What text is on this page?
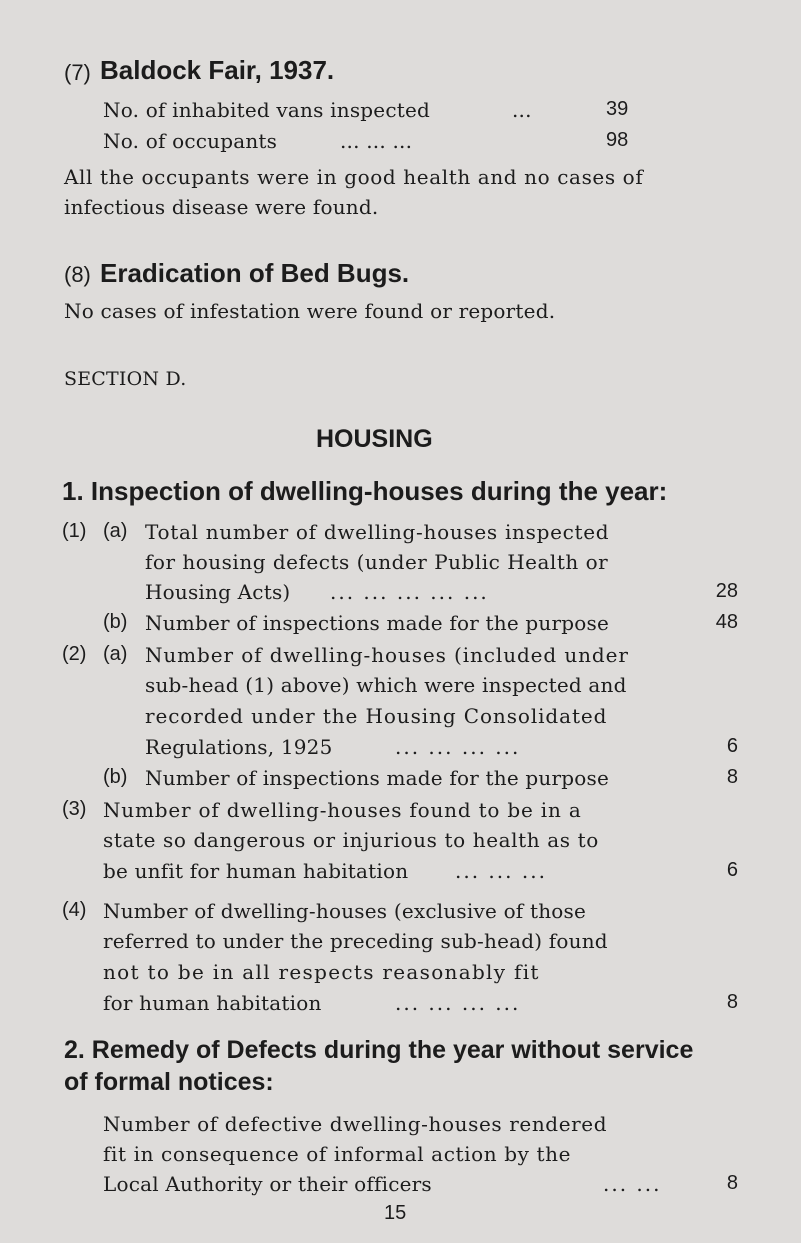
(7) Baldock Fair, 1937.
No. of inhabited vans inspected	...	39
No. of occupants	... ... ...	98
All the occupants were in good health and no cases of
infectious disease were found.
(8) Eradication of Bed Bugs.
No cases of infestation were found or reported.
SECTION D.
HOUSING
1. Inspection of dwelling-houses during the year:
(1) (a) Total number of dwelling-houses inspected
for housing defects (under Public Health or
Housing Acts) ... ... ... ... ...	28
(b) Number of inspections made for the purpose	48
(2) (a) Number of dwelling-houses (included under
sub-head (1) above) which were inspected and
recorded under the Housing Consolidated
Regulations, 1925	... ... ... ...	6
(b) Number of inspections made for the purpose	8
(3) Number of dwelling-houses found to be in a
state so dangerous or injurious to health as to
be unfit for human habitation ... ... ...	6
(4) Number of dwelling-houses (exclusive of those
referred to under the preceding sub-head) found
not to be in all respects reasonably fit
for human habitation	... ... ... ...	8
2. Remedy of Defects during the year without service
of formal notices:
Number of defective dwelling-houses rendered
fit in consequence of informal action by the
Local Authority or their officers	... ...	8
15
